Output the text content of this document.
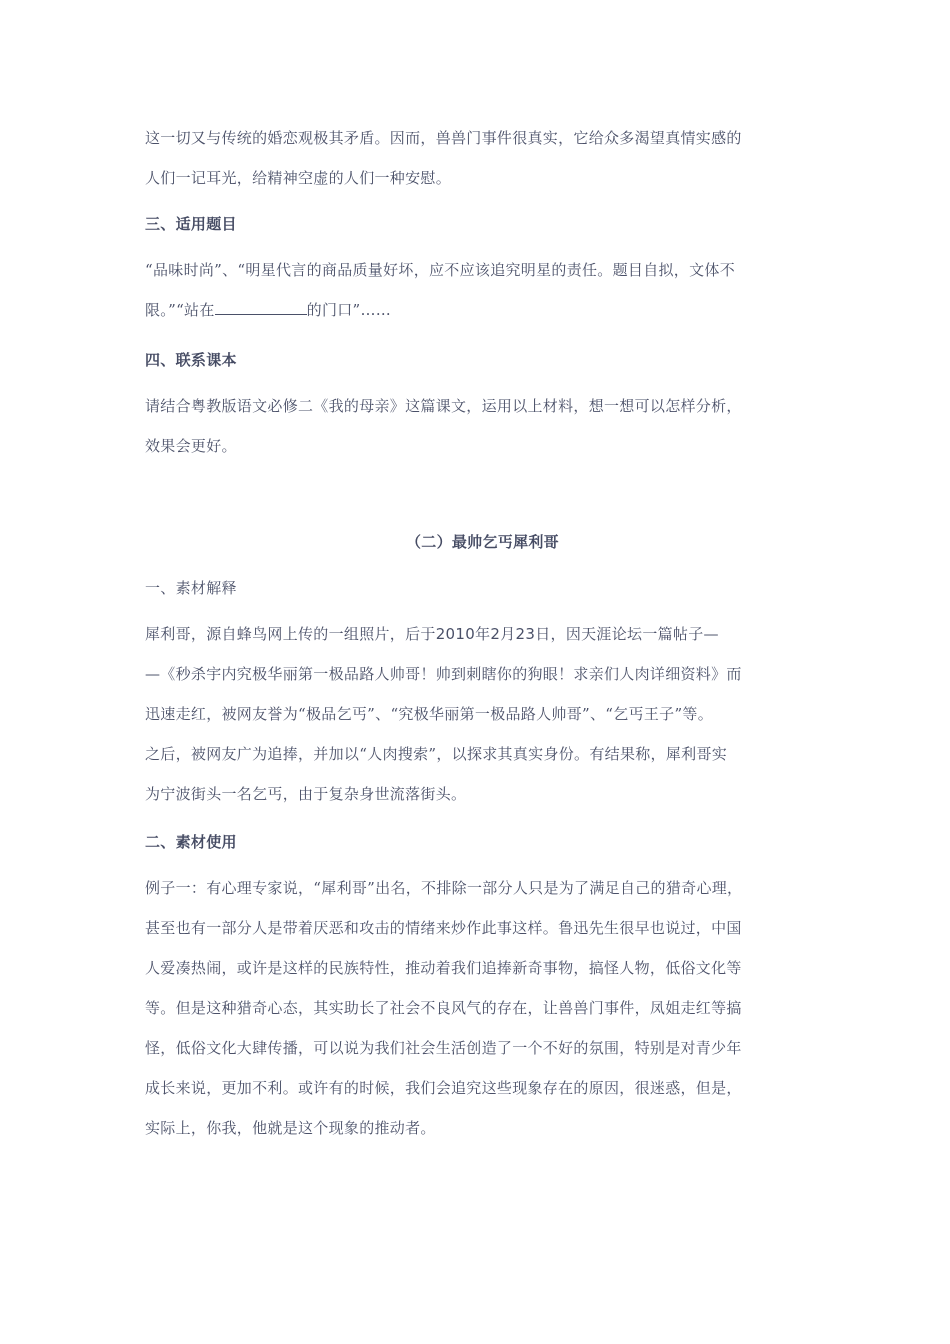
这一切又与传统的婚恋观极其矛盾。因而，兽兽门事件很真实，它给众多渴望真情实感的
人们一记耳光，给精神空虚的人们一种安慰。
三、适用题目
“品味时尚”、“明星代言的商品质量好坏，应不应该追究明星的责任。题目自拟，文体不
限。”“站在	的门口”……
四、联系课本
请结合粤教版语文必修二《我的母亲》这篇课文，运用以上材料，想一想可以怎样分析，
效果会更好。
（二）最帅乞丐犀利哥
一、素材解释
犀利哥，源自蜂鸟网上传的一组照片，后于2010年2月23日，因天涯论坛一篇帖子—
—《秒杀宇内究极华丽第一极品路人帅哥！帅到刺瞎你的狗眼！求亲们人肉详细资料》而
迅速走红，被网友誉为“极品乞丐”、“究极华丽第一极品路人帅哥”、“乞丐王子”等。
之后，被网友广为追捧，并加以“人肉搜索”，以探求其真实身份。有结果称，犀利哥实
为宁波街头一名乞丐，由于复杂身世流落街头。
二、素材使用
例子一：有心理专家说，“犀利哥”出名，不排除一部分人只是为了满足自己的猎奇心理，
甚至也有一部分人是带着厌恶和攻击的情绪来炒作此事这样。鲁迅先生很早也说过，中国
人爱凑热闹，或许是这样的民族特性，推动着我们追捧新奇事物，搞怪人物，低俗文化等
等。但是这种猎奇心态，其实助长了社会不良风气的存在，让兽兽门事件，凤姐走红等搞
怪，低俗文化大肆传播，可以说为我们社会生活创造了一个不好的氛围，特别是对青少年
成长来说，更加不利。或许有的时候，我们会追究这些现象存在的原因，很迷惑，但是，
实际上，你我，他就是这个现象的推动者。
